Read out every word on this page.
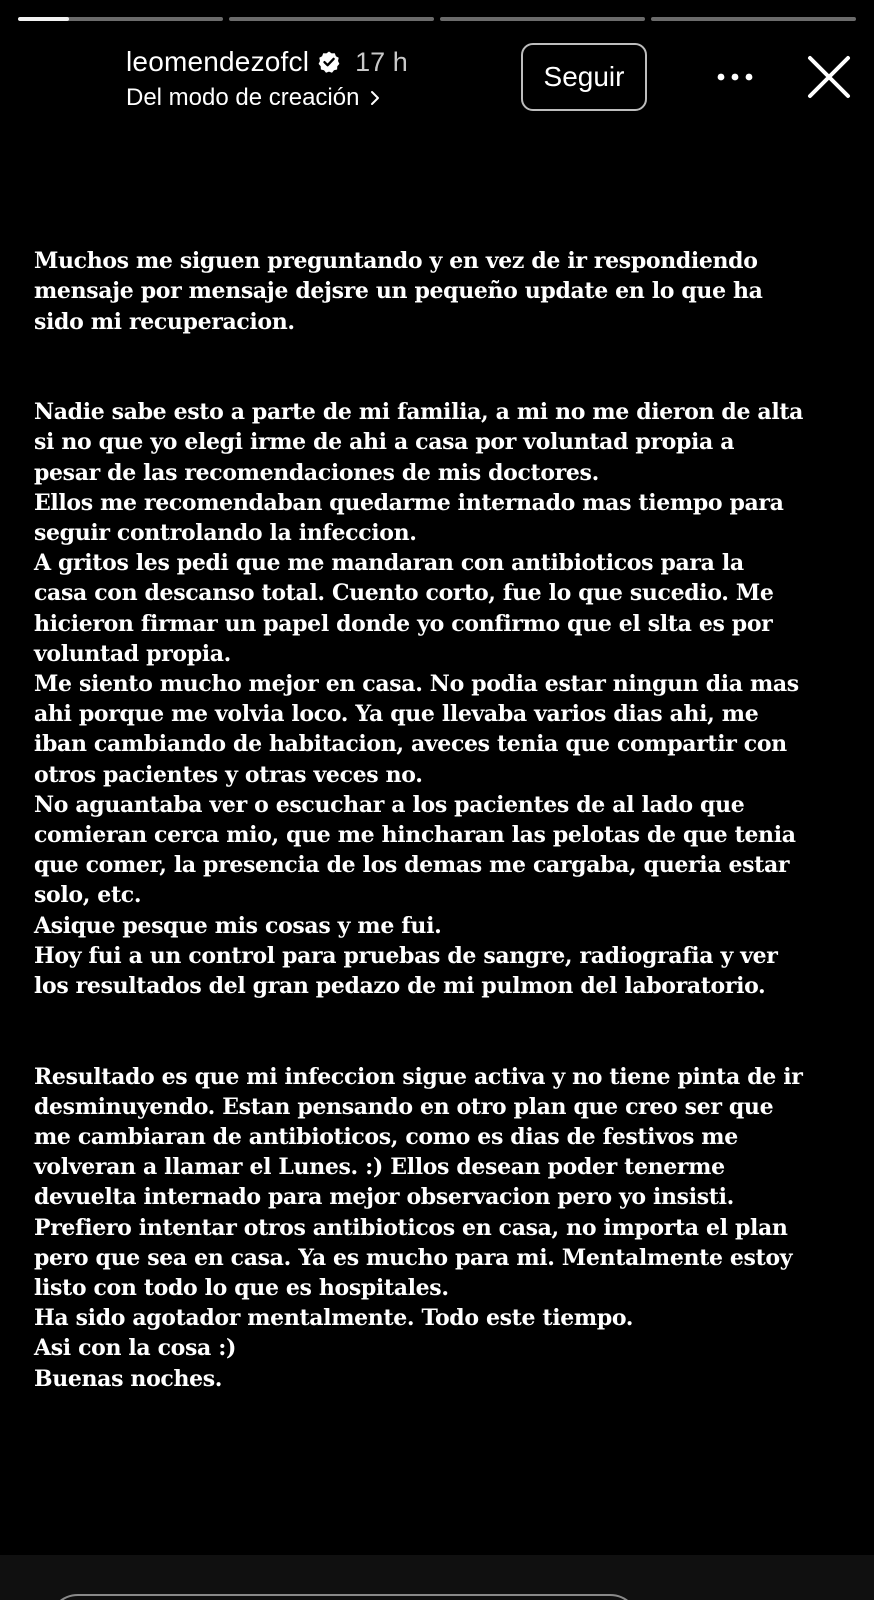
leomendezofcl 17 h
Del modo de creación
Seguir

Muchos me siguen preguntando y en vez de ir respondiendo
mensaje por mensaje dejsre un pequeño update en lo que ha
sido mi recuperacion.

Nadie sabe esto a parte de mi familia, a mi no me dieron de alta
si no que yo elegi irme de ahi a casa por voluntad propia a
pesar de las recomendaciones de mis doctores.
Ellos me recomendaban quedarme internado mas tiempo para
seguir controlando la infeccion.
A gritos les pedi que me mandaran con antibioticos para la
casa con descanso total. Cuento corto, fue lo que sucedio. Me
hicieron firmar un papel donde yo confirmo que el slta es por
voluntad propia.
Me siento mucho mejor en casa. No podia estar ningun dia mas
ahi porque me volvia loco. Ya que llevaba varios dias ahi, me
iban cambiando de habitacion, aveces tenia que compartir con
otros pacientes y otras veces no.
No aguantaba ver o escuchar a los pacientes de al lado que
comieran cerca mio, que me hincharan las pelotas de que tenia
que comer, la presencia de los demas me cargaba, queria estar
solo, etc.
Asique pesque mis cosas y me fui.
Hoy fui a un control para pruebas de sangre, radiografia y ver
los resultados del gran pedazo de mi pulmon del laboratorio.

Resultado es que mi infeccion sigue activa y no tiene pinta de ir
desminuyendo. Estan pensando en otro plan que creo ser que
me cambiaran de antibioticos, como es dias de festivos me
volveran a llamar el Lunes. :) Ellos desean poder tenerme
devuelta internado para mejor observacion pero yo insisti.
Prefiero intentar otros antibioticos en casa, no importa el plan
pero que sea en casa. Ya es mucho para mi. Mentalmente estoy
listo con todo lo que es hospitales.
Ha sido agotador mentalmente. Todo este tiempo.
Asi con la cosa :)
Buenas noches.
